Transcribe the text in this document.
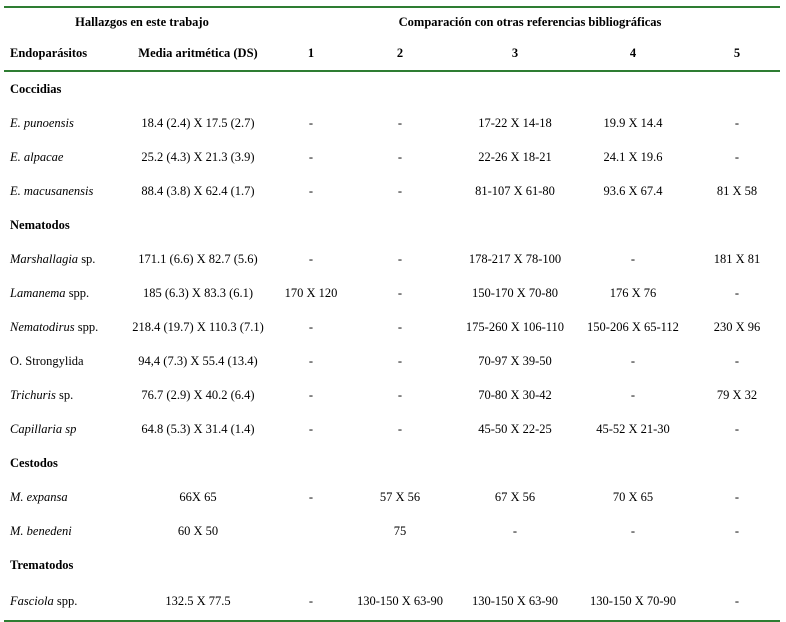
Hallazgos en este trabajo		Comparación con otras referencias bibliográficas				
Endoparásitos	Media aritmética (DS)	1	2	3	4	5
Coccidias						
E. punoensis	18.4 (2.4) X 17.5 (2.7)	-	-	17-22 X 14-18	19.9 X 14.4	-
E. alpacae	25.2 (4.3) X 21.3 (3.9)	-	-	22-26 X 18-21	24.1 X 19.6	-
E. macusanensis	88.4 (3.8) X 62.4 (1.7)	-	-	81-107 X 61-80	93.6 X 67.4	81 X 58
Nematodos						
Marshallagia sp.	171.1 (6.6) X 82.7 (5.6)	-	-	178-217 X 78-100	-	181 X 81
Lamanema spp.	185 (6.3) X 83.3 (6.1)	170 X 120	-	150-170 X 70-80	176 X 76	-
Nematodirus spp.	218.4 (19.7) X 110.3 (7.1)	-	-	175-260 X 106-110	150-206 X 65-112	230 X 96
O. Strongylida	94,4 (7.3) X 55.4 (13.4)	-	-	70-97 X 39-50	-	-
Trichuris sp.	76.7 (2.9) X 40.2 (6.4)	-	-	70-80 X 30-42	-	79 X 32
Capillaria sp	64.8 (5.3) X 31.4 (1.4)	-	-	45-50 X 22-25	45-52 X 21-30	-
Cestodos						
M. expansa	66X 65	-	57 X 56	67 X 56	70 X 65	-
M. benedeni	60 X 50		75	-	-	-
Trematodos						
Fasciola spp.	132.5 X 77.5	-	130-150 X 63-90	130-150 X 63-90	130-150 X 70-90	-
